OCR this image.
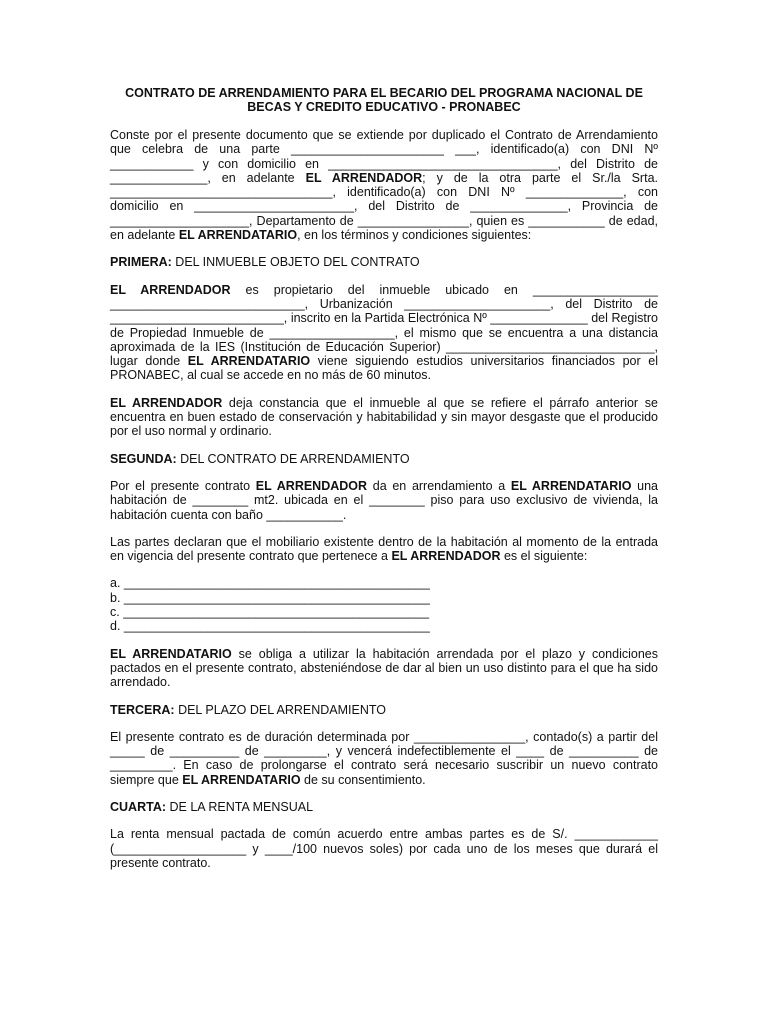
CONTRATO DE ARRENDAMIENTO PARA EL BECARIO DEL PROGRAMA NACIONAL DE
BECAS Y CREDITO EDUCATIVO - PRONABEC

Conste por el presente documento que se extiende por duplicado el Contrato de Arrendamiento que celebra de una parte ______________________ ___, identificado(a) con DNI Nº ____________ y con domicilio en _________________________________, del Distrito de ______________, en adelante EL ARRENDADOR; y de la otra parte el Sr./la Srta. ________________________________, identificado(a) con DNI Nº ______________, con domicilio en _______________________, del Distrito de ______________, Provincia de ____________________, Departamento de ________________, quien es ___________ de edad, en adelante EL ARRENDATARIO, en los términos y condiciones siguientes:

PRIMERA: DEL INMUEBLE OBJETO DEL CONTRATO

EL ARRENDADOR es propietario del inmueble ubicado en __________________ ____________________________, Urbanización _____________________, del Distrito de _________________________, inscrito en la Partida Electrónica Nº ______________ del Registro de Propiedad Inmueble de __________________, el mismo que se encuentra a una distancia aproximada de la IES (Institución de Educación Superior) ______________________________, lugar donde EL ARRENDATARIO viene siguiendo estudios universitarios financiados por el PRONABEC, al cual se accede en no más de 60 minutos.

EL ARRENDADOR deja constancia que el inmueble al que se refiere el párrafo anterior se encuentra en buen estado de conservación y habitabilidad y sin mayor desgaste que el producido por el uso normal y ordinario.

SEGUNDA: DEL CONTRATO DE ARRENDAMIENTO

Por el presente contrato EL ARRENDADOR da en arrendamiento a EL ARRENDATARIO una habitación de ________ mt2. ubicada en el ________ piso para uso exclusivo de vivienda, la habitación cuenta con baño ___________.

Las partes declaran que el mobiliario existente dentro de la habitación al momento de la entrada en vigencia del presente contrato que pertenece a EL ARRENDADOR es el siguiente:

a. ____________________________________________
b. ____________________________________________
c. ____________________________________________
d. ____________________________________________

EL ARRENDATARIO se obliga a utilizar la habitación arrendada por el plazo y condiciones pactados en el presente contrato, absteniéndose de dar al bien un uso distinto para el que ha sido arrendado.

TERCERA: DEL PLAZO DEL ARRENDAMIENTO

El presente contrato es de duración determinada por ________________, contado(s) a partir del _____ de __________ de _________, y vencerá indefectiblemente el ____ de __________ de _________. En caso de prolongarse el contrato será necesario suscribir un nuevo contrato siempre que EL ARRENDATARIO de su consentimiento.

CUARTA: DE LA RENTA MENSUAL

La renta mensual pactada de común acuerdo entre ambas partes es de S/. ____________ (___________________ y ____/100 nuevos soles) por cada uno de los meses que durará el presente contrato.
